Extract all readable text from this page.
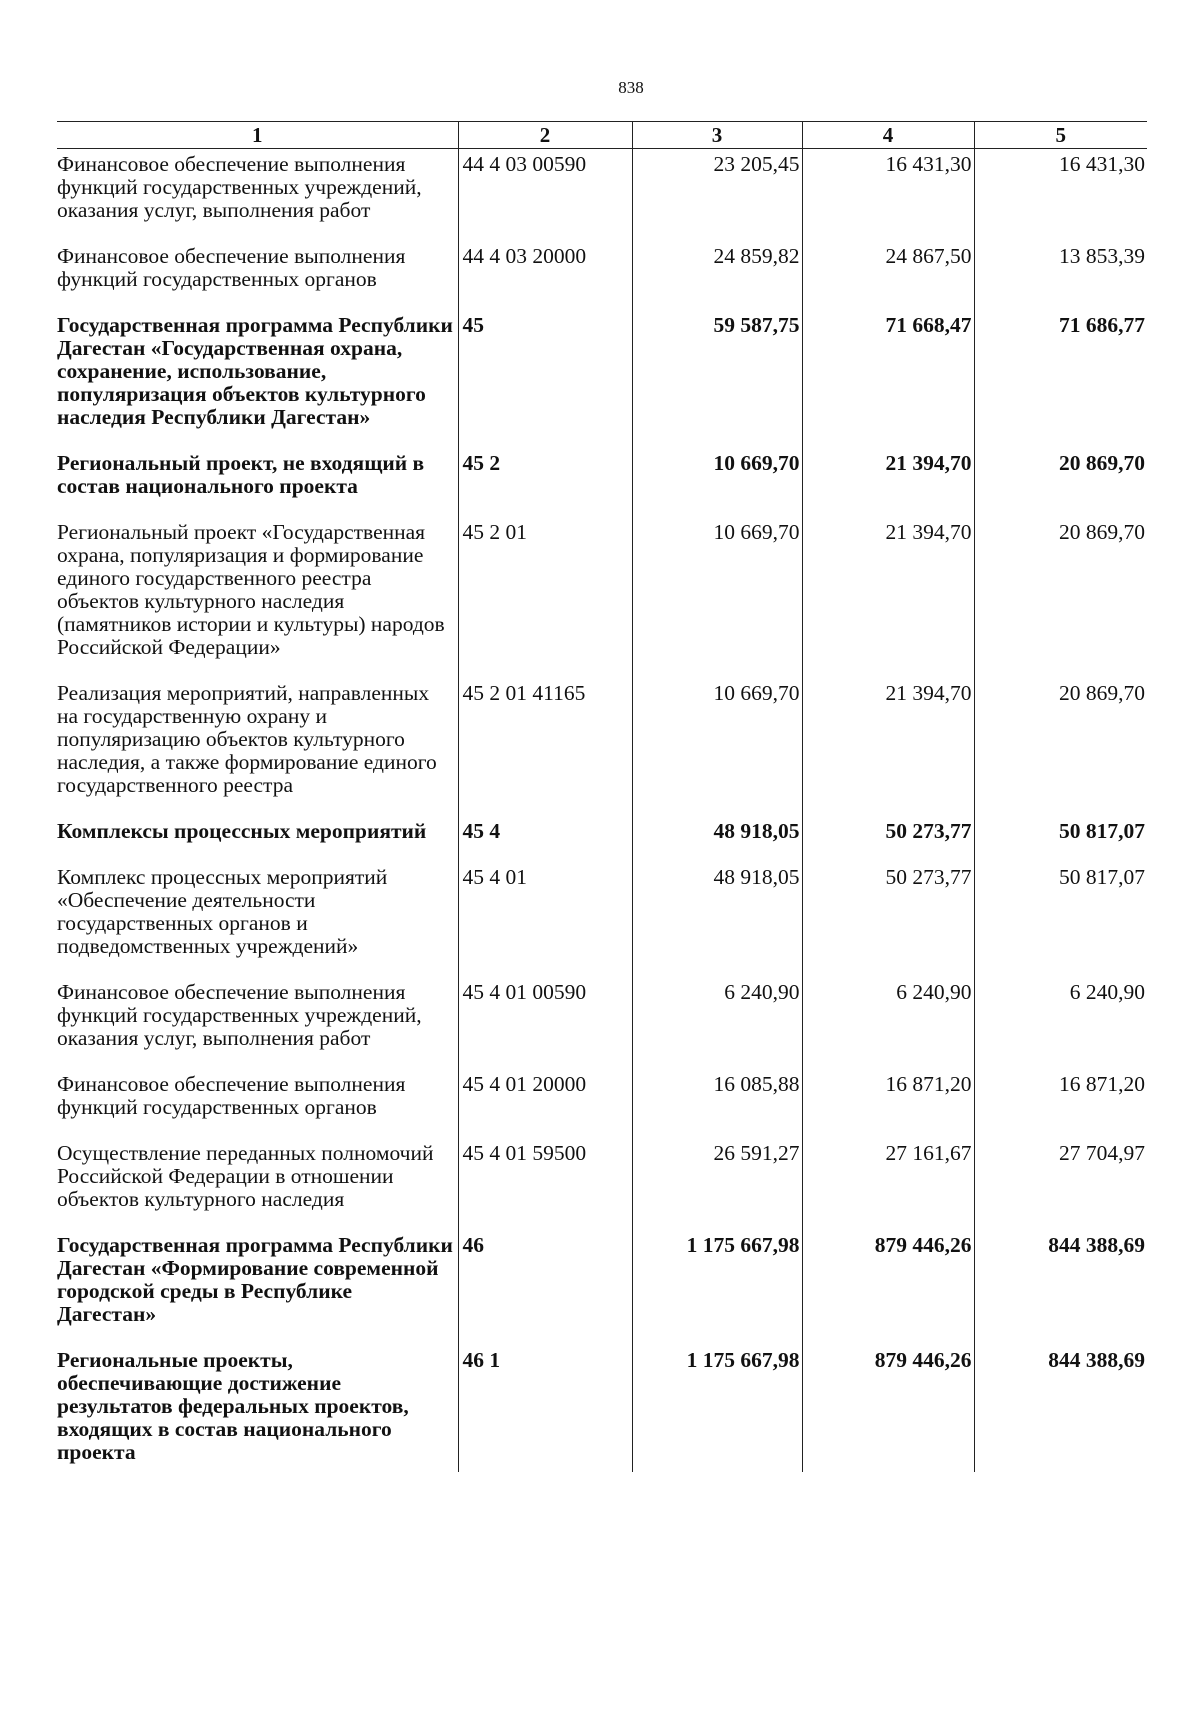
838
1	2	3	4	5
Финансовое обеспечение выполнения функций государственных учреждений, оказания услуг, выполнения работ	44 4 03 00590	23 205,45	16 431,30	16 431,30
Финансовое обеспечение выполнения функций государственных органов	44 4 03 20000	24 859,82	24 867,50	13 853,39
Государственная программа Республики Дагестан «Государственная охрана, сохранение, использование, популяризация объектов культурного наследия Республики Дагестан»	45	59 587,75	71 668,47	71 686,77
Региональный проект, не входящий в состав национального проекта	45 2	10 669,70	21 394,70	20 869,70
Региональный проект «Государственная охрана, популяризация и формирование единого государственного реестра объектов культурного наследия (памятников истории и культуры) народов Российской Федерации»	45 2 01	10 669,70	21 394,70	20 869,70
Реализация мероприятий, направленных на государственную охрану и популяризацию объектов культурного наследия, а также формирование единого государственного реестра	45 2 01 41165	10 669,70	21 394,70	20 869,70
Комплексы процессных мероприятий	45 4	48 918,05	50 273,77	50 817,07
Комплекс процессных мероприятий «Обеспечение деятельности государственных органов и подведомственных учреждений»	45 4 01	48 918,05	50 273,77	50 817,07
Финансовое обеспечение выполнения функций государственных учреждений, оказания услуг, выполнения работ	45 4 01 00590	6 240,90	6 240,90	6 240,90
Финансовое обеспечение выполнения функций государственных органов	45 4 01 20000	16 085,88	16 871,20	16 871,20
Осуществление переданных полномочий Российской Федерации в отношении объектов культурного наследия	45 4 01 59500	26 591,27	27 161,67	27 704,97
Государственная программа Республики Дагестан «Формирование современной городской среды в Республике Дагестан»	46	1 175 667,98	879 446,26	844 388,69
Региональные проекты, обеспечивающие достижение результатов федеральных проектов, входящих в состав национального проекта	46 1	1 175 667,98	879 446,26	844 388,69
